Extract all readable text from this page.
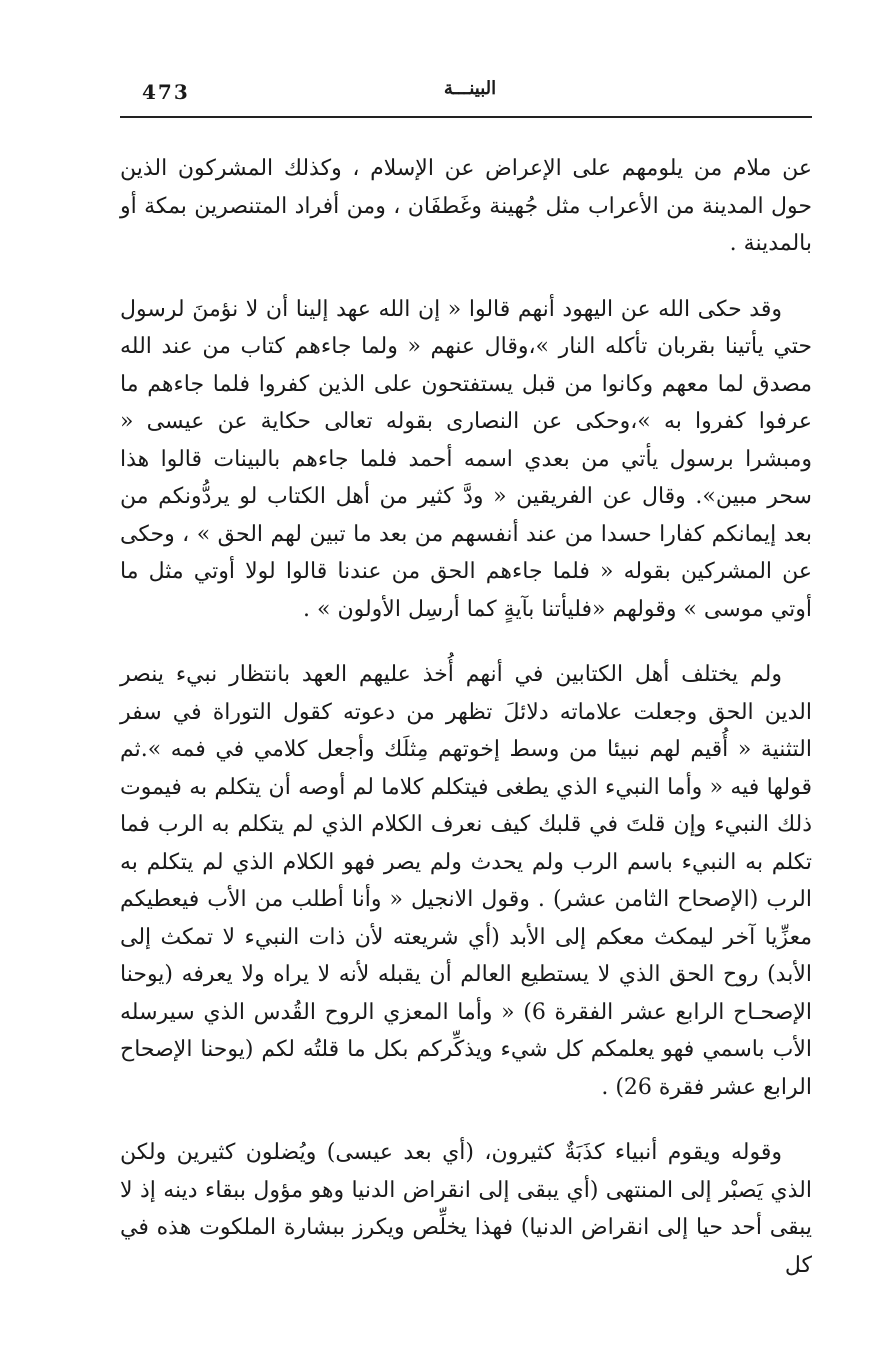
473	البينـــة

عن ملام من يلومهم على الإعراض عن الإسلام ، وكذلك المشركون الذين حول المدينة من الأعراب مثل جُهينة وغَطفَان ، ومن أفراد المتنصرين بمكة أو بالمدينة .

وقد حكى الله عن اليهود أنهم قالوا « إن الله عهد إلينا أن لا نؤمنَ لرسول حتي يأتينا بقربان تأكله النار »،وقال عنهم « ولما جاءهم كتاب من عند الله مصدق لما معهم وكانوا من قبل يستفتحون على الذين كفروا فلما جاءهم ما عرفوا كفروا به »،وحكى عن النصارى بقوله تعالى حكاية عن عيسى « ومبشرا برسول يأتي من بعدي اسمه أحمد فلما جاءهم بالبينات قالوا هذا سحر مبين». وقال عن الفريقين « ودَّ كثير من أهل الكتاب لو يردُّونكم من بعد إيمانكم كفارا حسدا من عند أنفسهم من بعد ما تبين لهم الحق » ، وحكى عن المشركين بقوله « فلما جاءهم الحق من عندنا قالوا لولا أوتي مثل ما أوتي موسى » وقولهم «فليأتنا بآيةٍ كما أرسِل الأولون » .

ولم يختلف أهل الكتابين في أنهم أُخذ عليهم العهد بانتظار نبيء ينصر الدين الحق وجعلت علاماته دلائلَ تظهر من دعوته كقول التوراة في سفر التثنية « أُقيم لهم نبيئا من وسط إخوتهم مِثلَك وأجعل كلامي في فمه ».ثم قولها فيه « وأما النبيء الذي يطغى فيتكلم كلاما لم أوصه أن يتكلم به فيموت ذلك النبيء وإن قلتَ في قلبك كيف نعرف الكلام الذي لم يتكلم به الرب فما تكلم به النبيء باسم الرب ولم يحدث ولم يصر فهو الكلام الذي لم يتكلم به الرب (الإصحاح الثامن عشر) . وقول الانجيل « وأنا أطلب من الأب فيعطيكم معزِّيا آخر ليمكث معكم إلى الأبد (أي شريعته لأن ذات النبيء لا تمكث إلى الأبد) روح الحق الذي لا يستطيع العالم أن يقبله لأنه لا يراه ولا يعرفه (يوحنا الإصحـاح الرابع عشر الفقرة 6) « وأما المعزي الروح القُدس الذي سيرسله الأب باسمي فهو يعلمكم كل شيء ويذكِّركم بكل ما قلتُه لكم (يوحنا الإصحاح الرابع عشر فقرة 26) .

وقوله ويقوم أنبياء كذَبَةٌ كثيرون، (أي بعد عيسى) ويُضلون كثيرين ولكن الذي يَصبْر إلى المنتهى (أي يبقى إلى انقراض الدنيا وهو مؤول ببقاء دينه إذ لا يبقى أحد حيا إلى انقراض الدنيا) فهذا يخلِّص ويكرز ببشارة الملكوت هذه في كل
